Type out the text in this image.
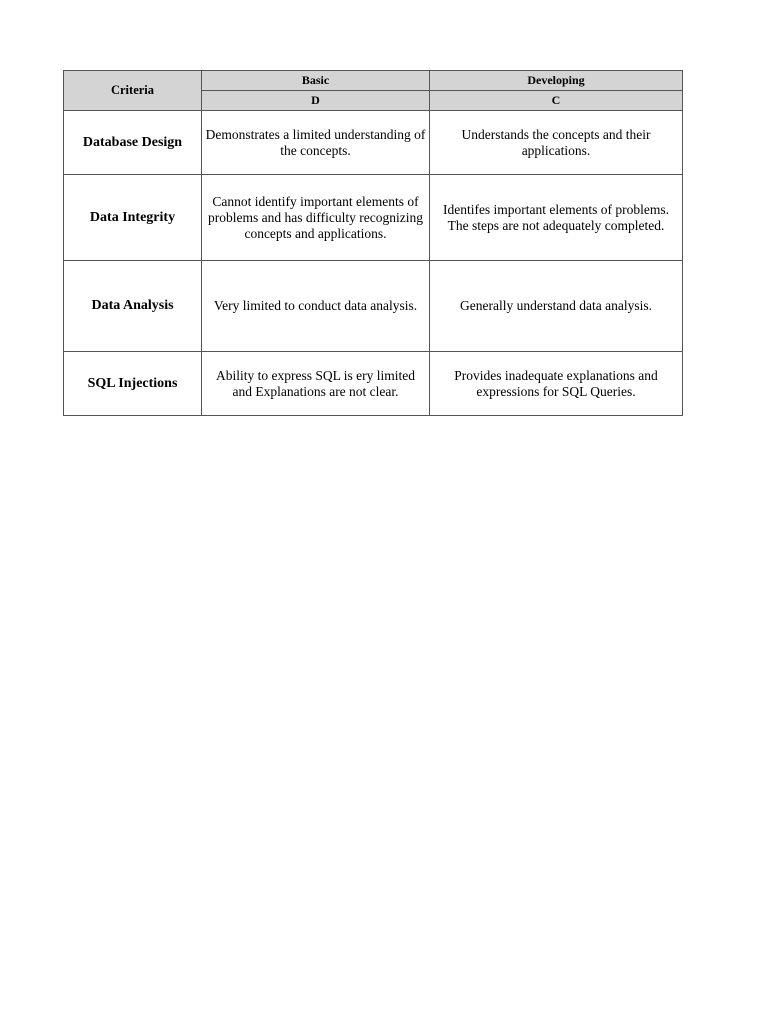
Criteria	Basic	Developing
	D	C
Database Design	Demonstrates a limited understanding of the concepts.	Understands the concepts and their applications.
Data Integrity	Cannot identify important elements of problems and has difficulty recognizing concepts and applications.	Identifes important elements of problems. The steps are not adequately completed.
Data Analysis	Very limited to conduct data analysis.	Generally understand data analysis.
SQL Injections	Ability to express SQL is ery limited and Explanations are not clear.	Provides inadequate explanations and expressions for SQL Queries.
